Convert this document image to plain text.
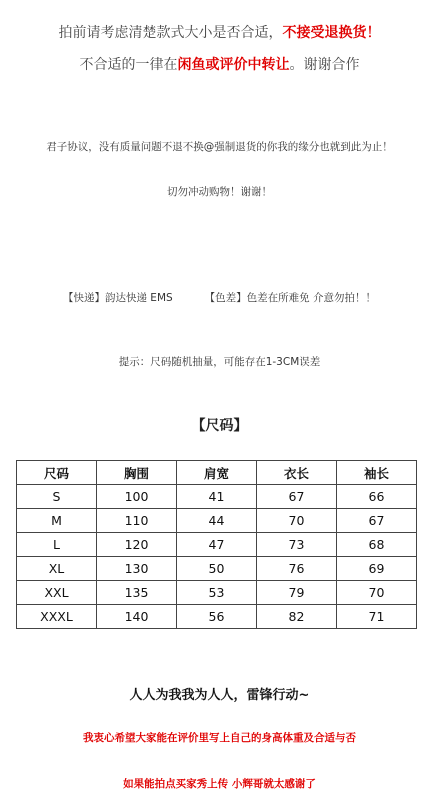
拍前请考虑清楚款式大小是否合适，不接受退换货！
不合适的一律在闲鱼或评价中转让。谢谢合作
君子协议，没有质量问题不退不换@强制退货的你我的缘分也就到此为止！
切勿冲动购物！谢谢！
【快递】韵达快递 EMS	【色差】色差在所难免 介意勿拍！！
提示：尺码随机抽量，可能存在1-3CM误差
【尺码】
尺码	胸围	肩宽	衣长	袖长
S	100	41	67	66
M	110	44	70	67
L	120	47	73	68
XL	130	50	76	69
XXL	135	53	79	70
XXXL	140	56	82	71
人人为我我为人人，雷锋行动~
我衷心希望大家能在评价里写上自己的身高体重及合适与否
如果能拍点买家秀上传 小辉哥就太感谢了
